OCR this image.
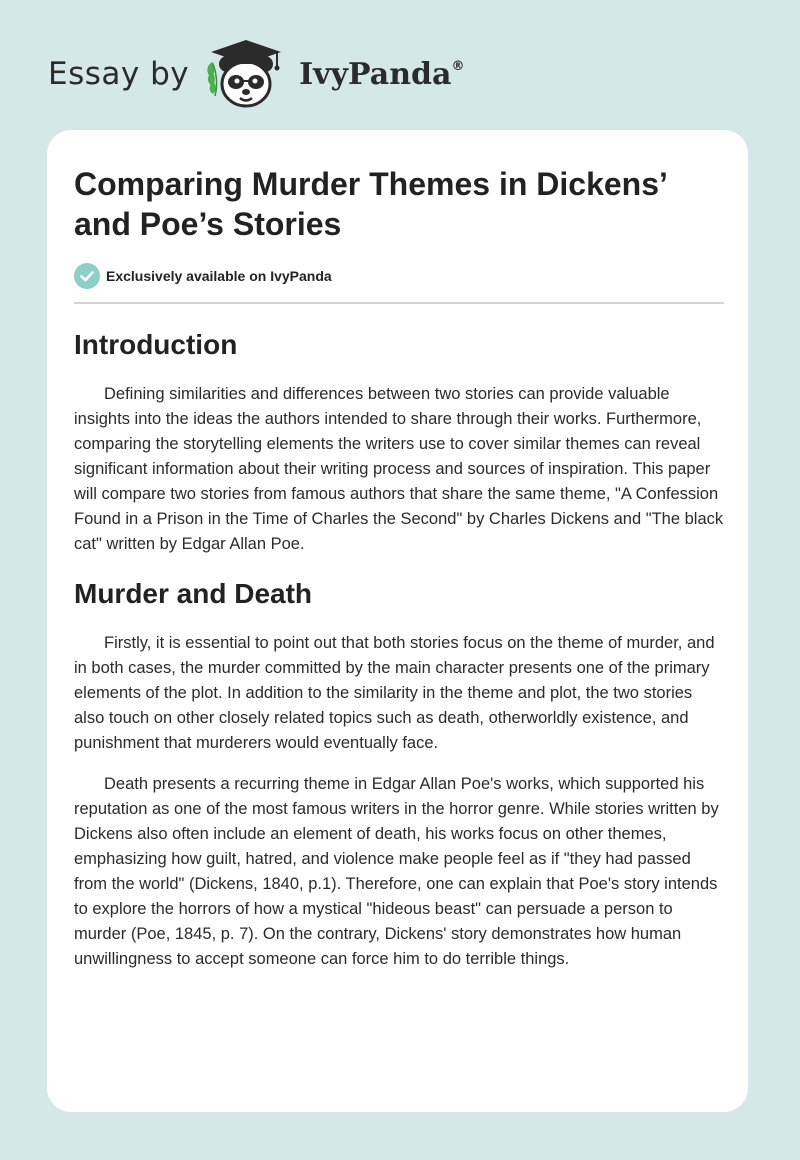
Essay by	IvyPanda®
Comparing Murder Themes in Dickens’ and Poe’s Stories
Exclusively available on IvyPanda
Introduction

Defining similarities and differences between two stories can provide valuable insights into the ideas the authors intended to share through their works. Furthermore, comparing the storytelling elements the writers use to cover similar themes can reveal significant information about their writing process and sources of inspiration. This paper will compare two stories from famous authors that share the same theme, "A Confession Found in a Prison in the Time of Charles the Second" by Charles Dickens and "The black cat" written by Edgar Allan Poe.

Murder and Death

Firstly, it is essential to point out that both stories focus on the theme of murder, and in both cases, the murder committed by the main character presents one of the primary elements of the plot. In addition to the similarity in the theme and plot, the two stories also touch on other closely related topics such as death, otherworldly existence, and punishment that murderers would eventually face.

Death presents a recurring theme in Edgar Allan Poe's works, which supported his reputation as one of the most famous writers in the horror genre. While stories written by Dickens also often include an element of death, his works focus on other themes, emphasizing how guilt, hatred, and violence make people feel as if "they had passed from the world" (Dickens, 1840, p.1). Therefore, one can explain that Poe's story intends to explore the horrors of how a mystical "hideous beast" can persuade a person to murder (Poe, 1845, p. 7). On the contrary, Dickens' story demonstrates how human unwillingness to accept someone can force him to do terrible things.
